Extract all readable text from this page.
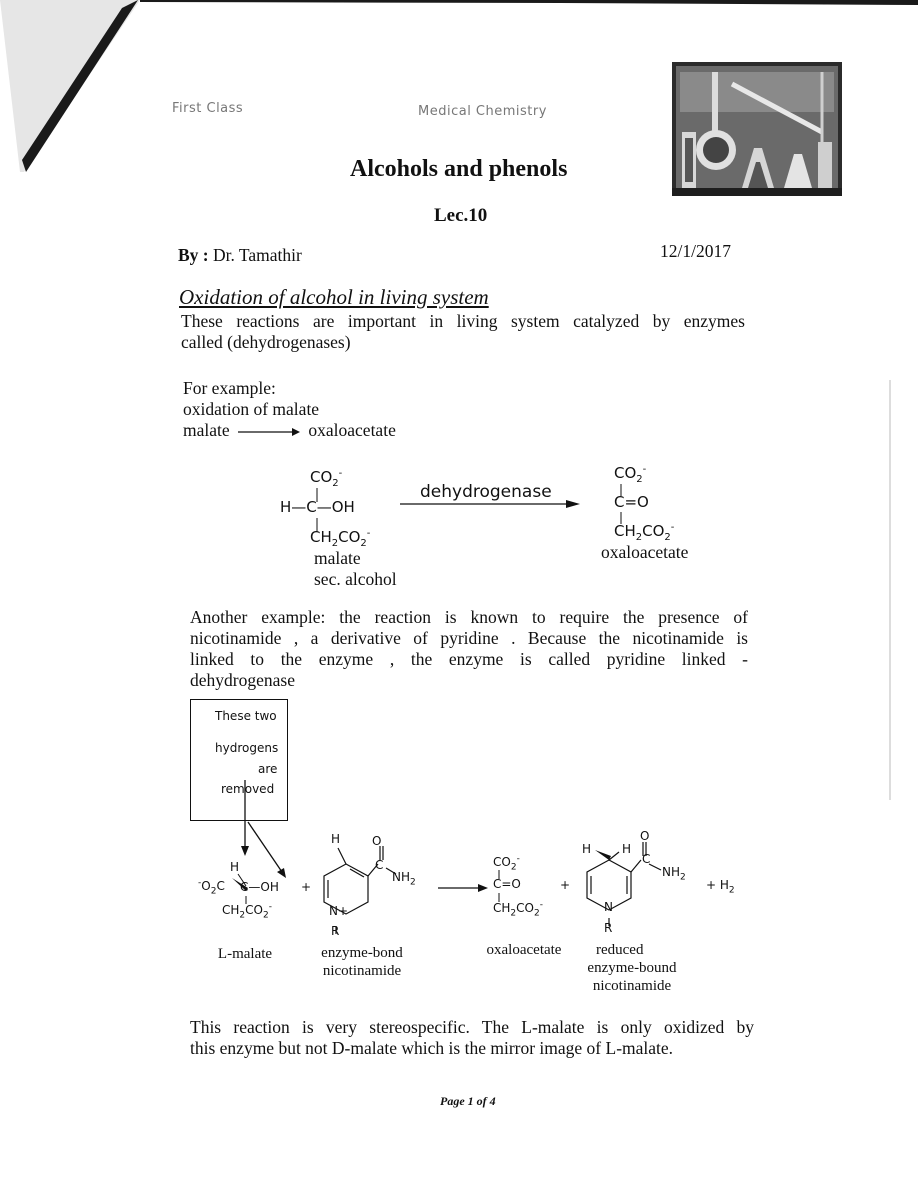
First Class	Medical Chemistry
Alcohols and phenols
Lec.10
By : Dr. Tamathir	12/1/2017
Oxidation of alcohol in living system
These reactions are important in living system catalyzed by enzymes
called (dehydrogenases)
For example:
oxidation of malate
malate → oxaloacetate
$CO_2^-$
H—C—OH
$CH_2CO_2^-$
malate
sec. alcohol
dehydrogenase
$CO_2^-$
C=O
$CH_2CO_2^-$
oxaloacetate
Another example: the reaction is known to require the presence of
nicotinamide , a derivative of pyridine . Because the nicotinamide is
linked to the enzyme , the enzyme is called pyridine linked -
dehydrogenase
These two
hydrogens
are
removed
H
$^-O_2C$ C—OH
$CH_2CO_2^-$
+
H	O
C
$NH_2$
N+
R
$CO_2^-$
C=O
$CH_2CO_2^-$
+
H	H
O
C
$NH_2$
N
R
+ $H_2$
L-malate	enzyme-bond
nicotinamide
oxaloacetate	reduced
enzyme-bound
nicotinamide
This reaction is very stereospecific. The L-malate is only oxidized by
this enzyme but not D-malate which is the mirror image of L-malate.
Page 1 of 4
